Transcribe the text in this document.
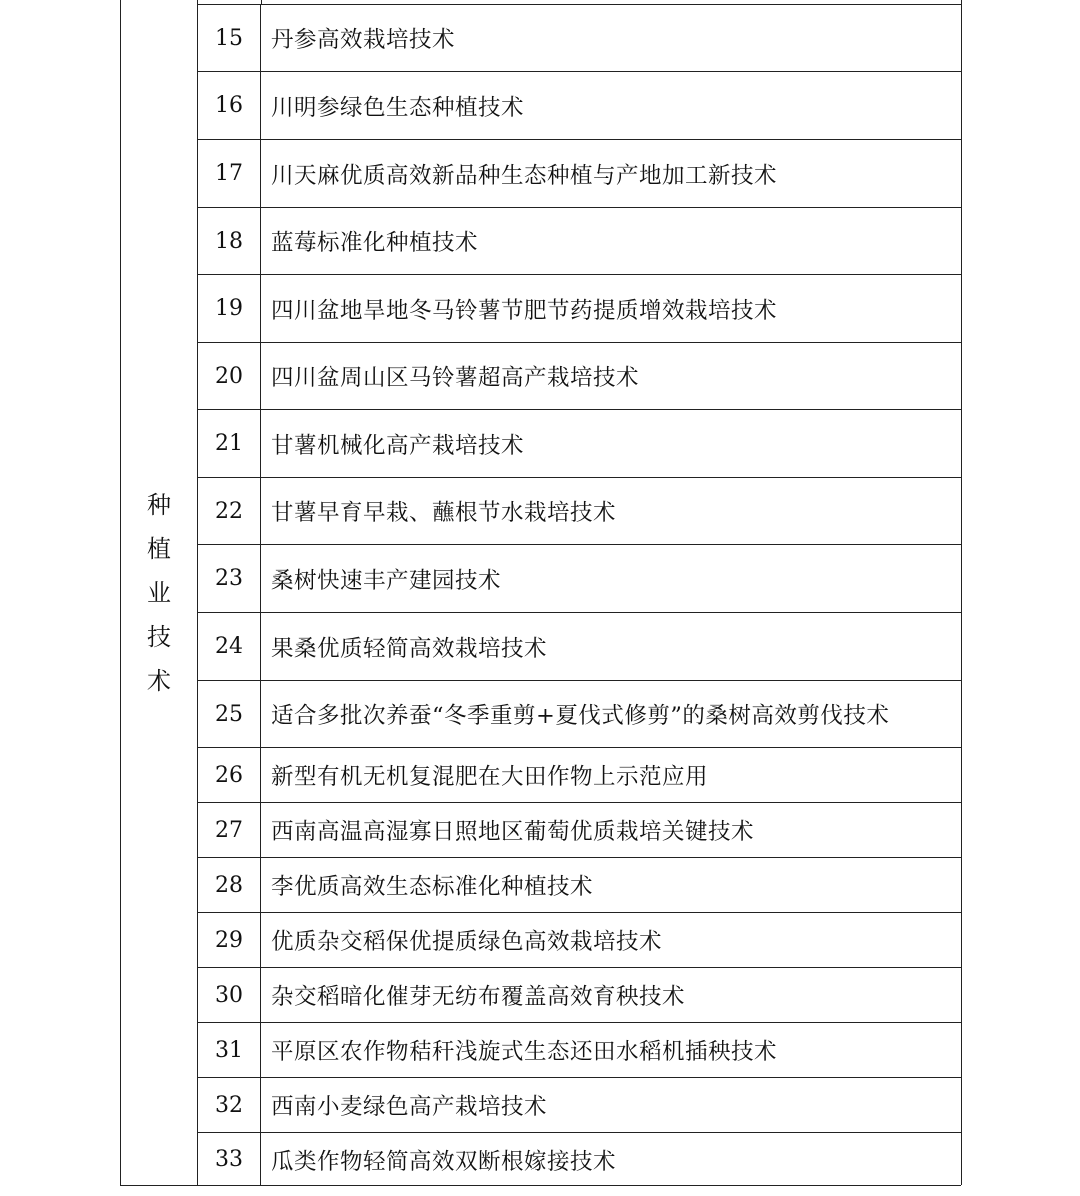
种植业技术
15	丹参高效栽培技术
16	川明参绿色生态种植技术
17	川天麻优质高效新品种生态种植与产地加工新技术
18	蓝莓标准化种植技术
19	四川盆地旱地冬马铃薯节肥节药提质增效栽培技术
20	四川盆周山区马铃薯超高产栽培技术
21	甘薯机械化高产栽培技术
22	甘薯早育早栽、蘸根节水栽培技术
23	桑树快速丰产建园技术
24	果桑优质轻简高效栽培技术
25	适合多批次养蚕“冬季重剪+夏伐式修剪”的桑树高效剪伐技术
26	新型有机无机复混肥在大田作物上示范应用
27	西南高温高湿寡日照地区葡萄优质栽培关键技术
28	李优质高效生态标准化种植技术
29	优质杂交稻保优提质绿色高效栽培技术
30	杂交稻暗化催芽无纺布覆盖高效育秧技术
31	平原区农作物秸秆浅旋式生态还田水稻机插秧技术
32	西南小麦绿色高产栽培技术
33	瓜类作物轻简高效双断根嫁接技术
